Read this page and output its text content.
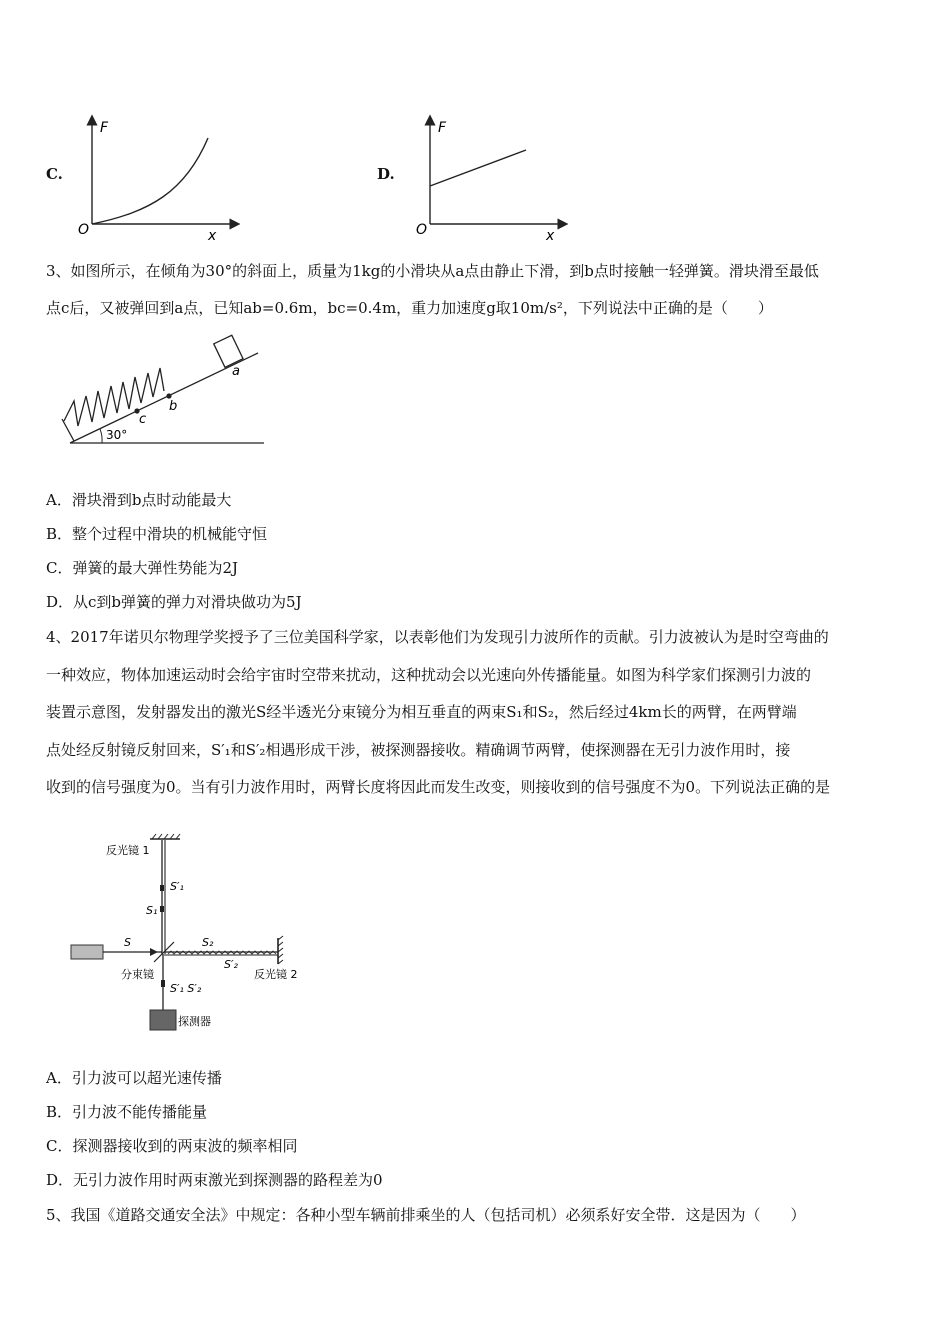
C.
F
x
O
D.
F
x
O
3、如图所示，在倾角为30°的斜面上，质量为1kg的小滑块从a点由静止下滑，到b点时接触一轻弹簧。滑块滑至最低
点c后，又被弹回到a点，已知ab=0.6m，bc=0.4m，重力加速度g取10m/s²，下列说法中正确的是（　　）
c
b
a
30°
A．滑块滑到b点时动能最大
B．整个过程中滑块的机械能守恒
C．弹簧的最大弹性势能为2J
D．从c到b弹簧的弹力对滑块做功为5J
4、2017年诺贝尔物理学奖授予了三位美国科学家，以表彰他们为发现引力波所作的贡献。引力波被认为是时空弯曲的
一种效应，物体加速运动时会给宇宙时空带来扰动，这种扰动会以光速向外传播能量。如图为科学家们探测引力波的
装置示意图，发射器发出的激光S经半透光分束镜分为相互垂直的两束S₁和S₂，然后经过4km长的两臂，在两臂端
点处经反射镜反射回来，S′₁和S′₂相遇形成干涉，被探测器接收。精确调节两臂，使探测器在无引力波作用时，接
收到的信号强度为0。当有引力波作用时，两臂长度将因此而发生改变，则接收到的信号强度不为0。下列说法正确的是
反光镜 1
S′₁
S₁
S
分束镜
S₂
S′₂
反光镜 2
S′₁ S′₂
探测器
A．引力波可以超光速传播
B．引力波不能传播能量
C．探测器接收到的两束波的频率相同
D．无引力波作用时两束激光到探测器的路程差为0
5、我国《道路交通安全法》中规定：各种小型车辆前排乘坐的人（包括司机）必须系好安全带．这是因为（　　）
